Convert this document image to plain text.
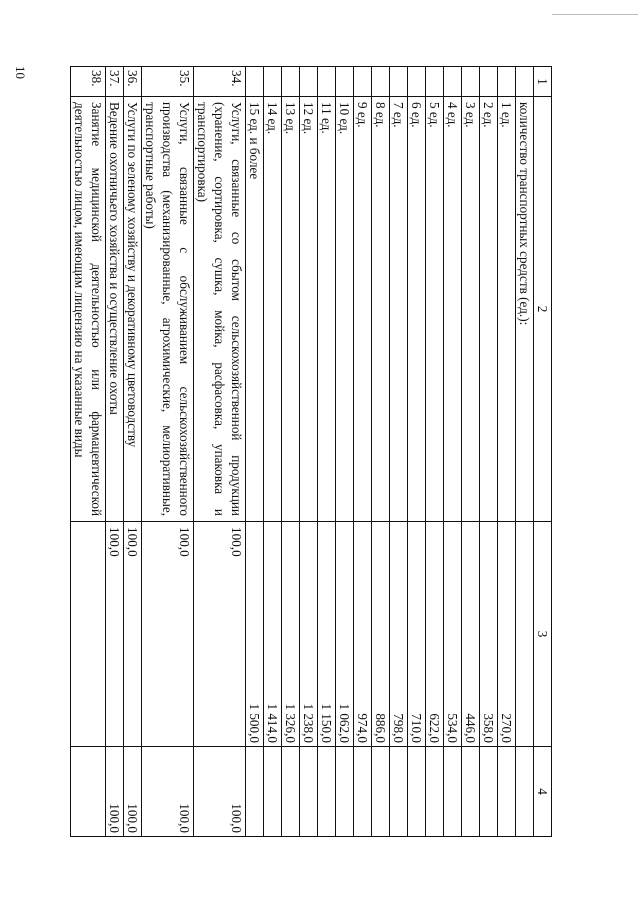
10
1	2	3	4
	количество транспортных средств (ед.):		
	1 ед.	270,0	
	2 ед.	358,0	
	3 ед.	446,0	
	4 ед.	534,0	
	5 ед.	622,0	
	6 ед.	710,0	
	7 ед.	798,0	
	8 ед.	886,0	
	9 ед.	974,0	
	10 ед.	1 062,0	
	11 ед.	1 150,0	
	12 ед.	1 238,0	
	13 ед.	1 326,0	
	14 ед.	1 414,0	
	15 ед. и более	1 500,0	
34.	Услуги, связанные со сбытом сельскохозяйственной продукции (хранение, сортировка, сушка, мойка, расфасовка, упаковка и транспортировка)	100,0	100,0
35.	Услуги, связанные с обслуживанием сельскохозяйственного производства (механизированные, агрохимические, мелиоративные, транспортные работы)	100,0	100,0
36.	Услуги по зеленому хозяйству и декоративному цветоводству	100,0	100,0
37.	Ведение охотничьего хозяйства и осуществление охоты	100,0	100,0
38.	Занятие медицинской деятельностью или фармацевтической деятельностью лицом, имеющим лицензию на указанные виды		
